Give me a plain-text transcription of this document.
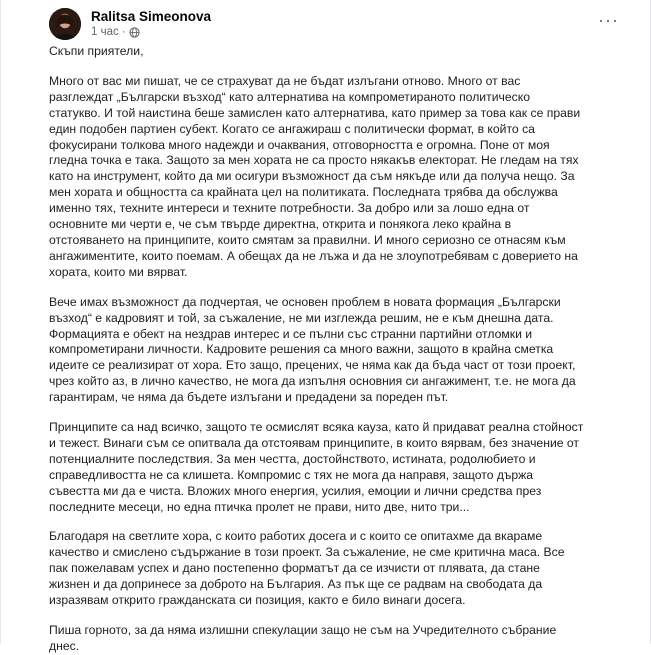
Ralitsa Simeonova
1 час ·
···

Скъпи приятели,

Много от вас ми пишат, че се страхуват да не бъдат излъгани отново. Много от вас

разглеждат „Български възход“ като алтернатива на компрометираното политическо

статукво. И той наистина беше замислен като алтернатива, като пример за това как се прави

един подобен партиен субект. Когато се ангажираш с политически формат, в който са

фокусирани толкова много надежди и очаквания, отговорността е огромна. Поне от моя

гледна точка е така. Защото за мен хората не са просто някакъв електорат. Не гледам на тях

като на инструмент, който да ми осигури възможност да съм някъде или да получа нещо. За

мен хората и общността са крайната цел на политиката. Последната трябва да обслужва

именно тях, техните интереси и техните потребности. За добро или за лошо една от

основните ми черти е, че съм твърде директна, открита и понякога леко крайна в

отстояването на принципите, които смятам за правилни. И много сериозно се отнасям към

ангажиментите, които поемам. А обещах да не лъжа и да не злоупотребявам с доверието на

хората, които ми вярват.

Вече имах възможност да подчертая, че основен проблем в новата формация „Български

възход“ е кадровият и той, за съжаление, не ми изглежда решим, не е към днешна дата.

Формацията е обект на нездрав интерес и се пълни със странни партийни отломки и

компрометирани личности. Кадровите решения са много важни, защото в крайна сметка

идеите се реализират от хора. Ето защо, прецених, че няма как да бъда част от този проект,

чрез който аз, в лично качество, не мога да изпълня основния си ангажимент, т.е. не мога да

гарантирам, че няма да бъдете излъгани и предадени за пореден път.

Принципите са над всичко, защото те осмислят всяка кауза, като й придават реална стойност

и тежест. Винаги съм се опитвала да отстоявам принципите, в които вярвам, без значение от

потенциалните последствия. За мен честта, достойнството, истината, родолюбието и

справедливостта не са клишета. Компромис с тях не мога да направя, защото държа

съвестта ми да е чиста. Вложих много енергия, усилия, емоции и лични средства през

последните месеци, но една птичка пролет не прави, нито две, нито три...

Благодаря на светлите хора, с които работих досега и с които се опитахме да вкараме

качество и смислено съдържание в този проект. За съжаление, не сме критична маса. Все

пак пожелавам успех и дано постепенно форматът да се изчисти от плявата, да стане

жизнен и да допринесе за доброто на България. Аз пък ще се радвам на свободата да

изразявам открито гражданската си позиция, както е било винаги досега.

Пиша горното, за да няма излишни спекулации защо не съм на Учредителното събрание

днес.
